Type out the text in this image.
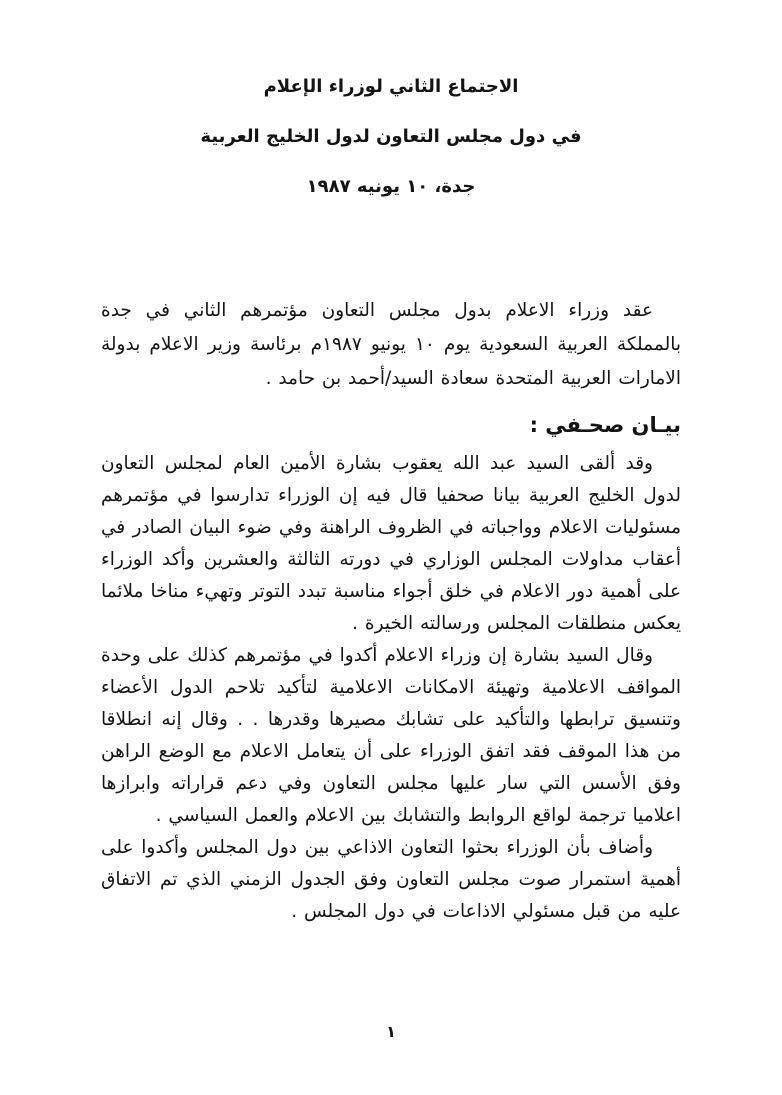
الاجتماع الثاني لوزراء الإعلام
في دول مجلس التعاون لدول الخليج العربية
جدة، ١٠ يونيه ١٩٨٧

عقد وزراء الاعلام بدول مجلس التعاون مؤتمرهم الثاني في جدة بالمملكة العربية السعودية يوم ١٠ يونيو ١٩٨٧م برئاسة وزير الاعلام بدولة الامارات العربية المتحدة سعادة السيد/أحمد بن حامد .

بيـان صحـفي :

وقد ألقى السيد عبد الله يعقوب بشارة الأمين العام لمجلس التعاون لدول الخليج العربية بيانا صحفيا قال فيه إن الوزراء تدارسوا في مؤتمرهم مسئوليات الاعلام وواجباته في الظروف الراهنة وفي ضوء البيان الصادر في أعقاب مداولات المجلس الوزاري في دورته الثالثة والعشرين وأكد الوزراء على أهمية دور الاعلام في خلق أجواء مناسبة تبدد التوتر وتهيء مناخا ملائما يعكس منطلقات المجلس ورسالته الخيرة .

وقال السيد بشارة إن وزراء الاعلام أكدوا في مؤتمرهم كذلك على وحدة المواقف الاعلامية وتهيئة الامكانات الاعلامية لتأكيد تلاحم الدول الأعضاء وتنسيق ترابطها والتأكيد على تشابك مصيرها وقدرها . . وقال إنه انطلاقا من هذا الموقف فقد اتفق الوزراء على أن يتعامل الاعلام مع الوضع الراهن وفق الأسس التي سار عليها مجلس التعاون وفي دعم قراراته وابرازها اعلاميا ترجمة لواقع الروابط والتشابك بين الاعلام والعمل السياسي .

وأضاف بأن الوزراء بحثوا التعاون الاذاعي بين دول المجلس وأكدوا على أهمية استمرار صوت مجلس التعاون وفق الجدول الزمني الذي تم الاتفاق عليه من قبل مسئولي الاذاعات في دول المجلس .

١
